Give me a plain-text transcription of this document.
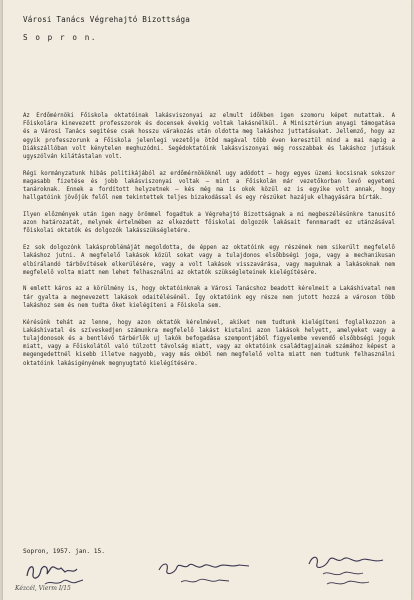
Városi Tanács Végrehajtó Bizottsága
S o p r o n.

Az Erdőmérnöki Főiskola oktatóinak lakásviszonyai az elmult időkben igen szomoru képet mutattak. A Főiskolára kinevezett professzorok és docensek évekig voltak lakásnélkül. A Minisztérium anyagi támogatása és a Városi Tanács segitése csak hosszu várakozás után oldotta meg lakáshoz juttatásukat. Jellemző, hogy az egyik professzorunk a Főiskola jelenlegi vezetője ötöd magával több éven keresztül mind a mai napig a Diákszállóban volt kénytelen meghuzódni. Segédoktatóink lakásviszonyai még rosszabbak és lakáshoz jutásuk ugyszólván kilátástalan volt.

Régi kormányzatunk hibás politikájából az erdőmérnököknél ugy adódott – hogy egyes üzemi kocsisnak sokszor magasabb fizetése és jobb lakásviszonyai voltak – mint a Főiskolán már vezetőkorban levő egyetemi tanároknak. Ennek a fordított helyzetnek – kés még ma is okok közül ez is egyike volt annak, hogy hallgatóink jövőjük felől nem tekintettek teljes bizakodással és egy részüket hazájuk elhagyására bírták.

Ilyen előzmények után igen nagy örömmel fogadtuk a Végrehajtó Bizottságnak a mi megbeszélésünkre tanusitó azon határozatát, melynek értelmében az elkezdett főiskolai dolgozók lakásait fennmaradt ez utánzásával főiskolai oktatók és dolgozók lakásszükségletére.

Ez sok dolgozónk lakásproblémáját megoldotta, de éppen az oktatóink egy részének nem sikerült megfelelő lakáshoz jutni. A megfelelő lakások közül sokat vagy a tulajdonos elsőbbségi joga, vagy a mechanikusan elbírálandó tárbővítések elkerülésére, vagy a volt lakások visszavárása, vagy maguknak a lakásoknak nem megfelelő volta miatt nem lehet felhasználni az oktatók szükségleteinek kielégítésére.

N emlett káros az a körülmény is, hogy oktatóinknak a Városi Tanácshoz beadott kérelmeit a Lakáshivatal nem tár gyalta a megnevezett lakások odaitélésénél. Így oktatóink egy része nem jutott hozzá a városon több lakáshoz sem és nem tudta őket kielégíteni a Főiskola sem.

Kérésünk tehát az lenne, hogy azon oktatók kérelmével, akiket nem tudtunk kielégíteni foglalkozzon a Lakáshivatal és szíveskedjen számunkra megfelelő lakást kiutalni azon lakások helyett, amelyeket vagy a tulajdonosok és a bentlévő tárbérlők uj lakók befogadása szempontjából figyelembe vevendő elsőbbségi joguk miatt, vagy a Főiskolától való túlzott távolság miatt, vagy az oktatóink családtagjainak számához képest a megengedettnél kisebb illetve nagyobb, vagy más okból nem megfelelő volta miatt nem tudtunk felhasználni oktatóink lakásigényének megnyugtató kielégítésére.

Sopron, 1957. jan. 15.
Kézcél, Vierm I/15
